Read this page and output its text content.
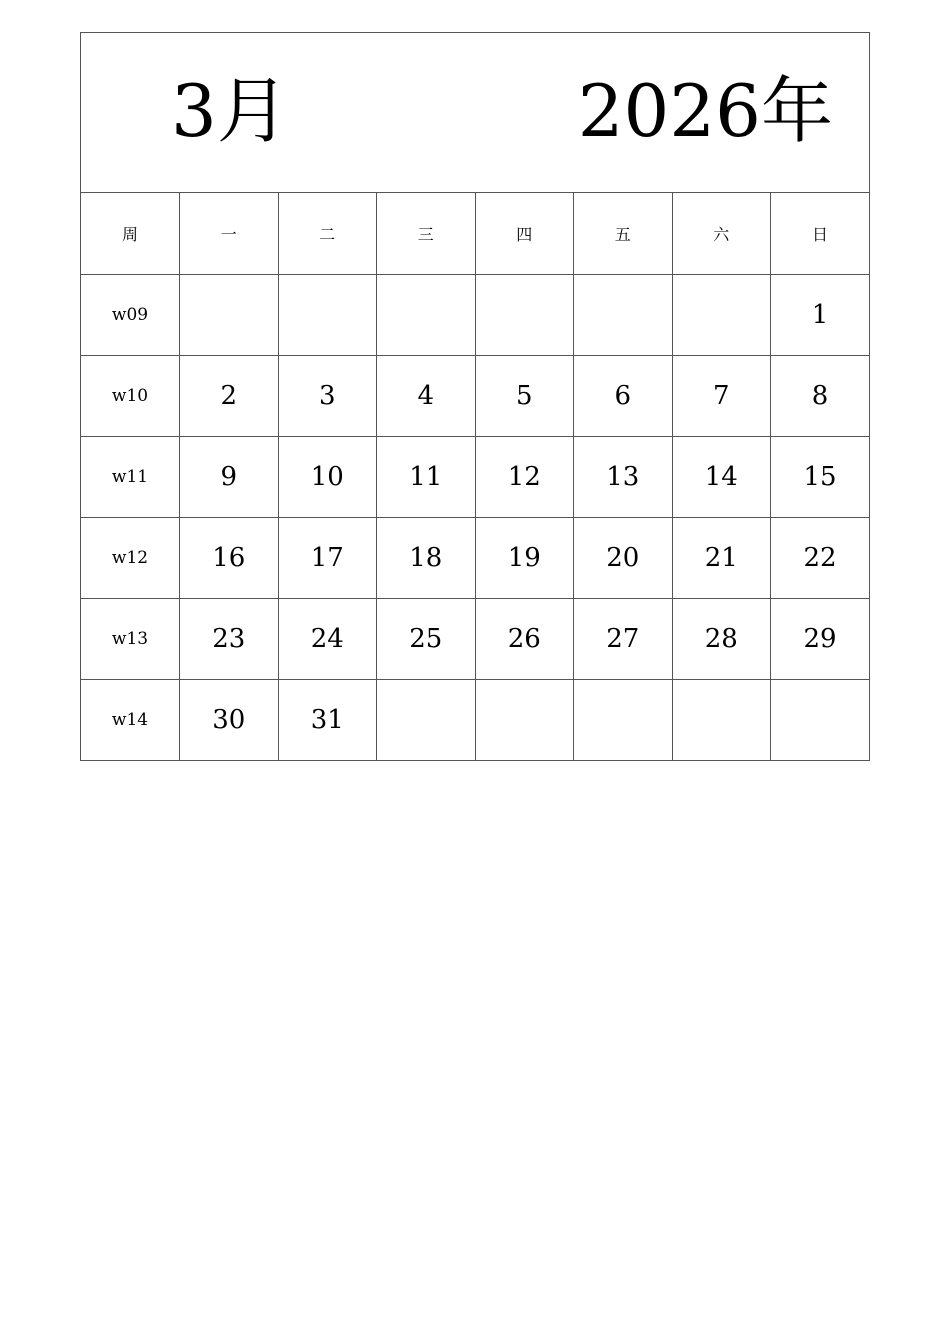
3月	2026年
周	一	二	三	四	五	六	日
w09							1
w10	2	3	4	5	6	7	8
w11	9	10	11	12	13	14	15
w12	16	17	18	19	20	21	22
w13	23	24	25	26	27	28	29
w14	30	31					
